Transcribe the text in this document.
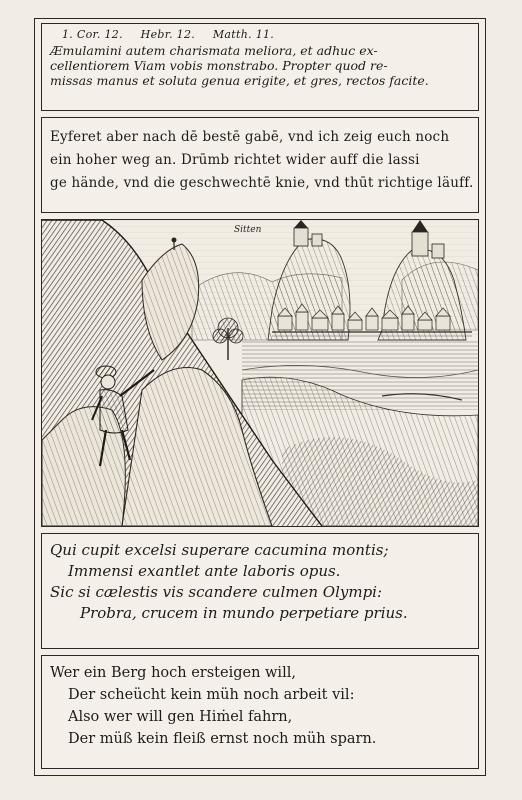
1. Cor. 12. Hebr. 12. Matth. 11.
Æmulamini autem charismata meliora, et adhuc ex-
cellentiorem Viam vobis monstrabo. Propter quod re-
missas manus et soluta genua erigite, et gres, rectos facite.
Eyferet aber nach dē bestē gabē, vnd ich zeig euch noch
ein hoher weg an. Drūmb richtet wider auff die lassi
ge hände, vnd die geschwechtē knie, vnd thūt richtige läuff.
Sitten
Qui cupit excelsi superare cacumina montis;
Immensi exantlet ante laboris opus.
Sic si cælestis vis scandere culmen Olympi:
Probra, crucem in mundo perpetiare prius.
Wer ein Berg hoch ersteigen will,
Der scheücht kein müh noch arbeit vil:
Also wer will gen Hiṁel fahrn,
Der müß kein fleiß ernst noch müh sparn.
